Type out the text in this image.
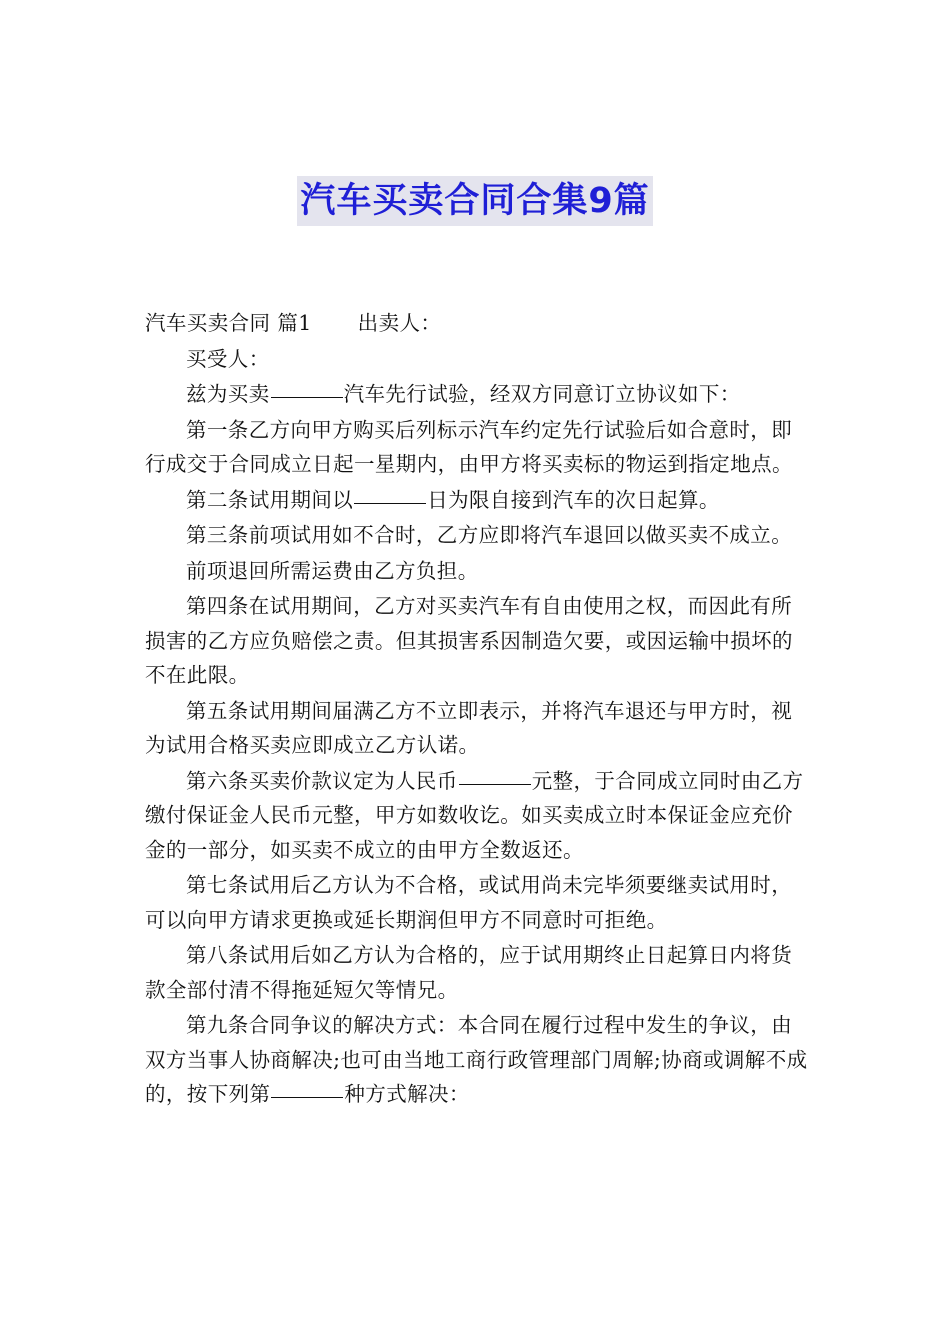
汽车买卖合同合集9篇

汽车买卖合同 篇1 出卖人：

买受人：

兹为买卖	汽车先行试验，经双方同意订立协议如下：

第一条乙方向甲方购买后列标示汽车约定先行试验后如合意时，即行成交于合同成立日起一星期内，由甲方将买卖标的物运到指定地点。

第二条试用期间以	日为限自接到汽车的次日起算。

第三条前项试用如不合时，乙方应即将汽车退回以做买卖不成立。

前项退回所需运费由乙方负担。

第四条在试用期间，乙方对买卖汽车有自由使用之权，而因此有所损害的乙方应负赔偿之责。但其损害系因制造欠要，或因运输中损坏的不在此限。

第五条试用期间届满乙方不立即表示，并将汽车退还与甲方时，视为试用合格买卖应即成立乙方认诺。

第六条买卖价款议定为人民币	元整，于合同成立同时由乙方缴付保证金人民币元整，甲方如数收讫。如买卖成立时本保证金应充价金的一部分，如买卖不成立的由甲方全数返还。

第七条试用后乙方认为不合格，或试用尚未完毕须要继卖试用时，可以向甲方请求更换或延长期润但甲方不同意时可拒绝。

第八条试用后如乙方认为合格的，应于试用期终止日起算日内将货款全部付清不得拖延短欠等情兄。

第九条合同争议的解决方式：本合同在履行过程中发生的争议，由双方当事人协商解决;也可由当地工商行政管理部门周解;协商或调解不成的，按下列第	种方式解决：
